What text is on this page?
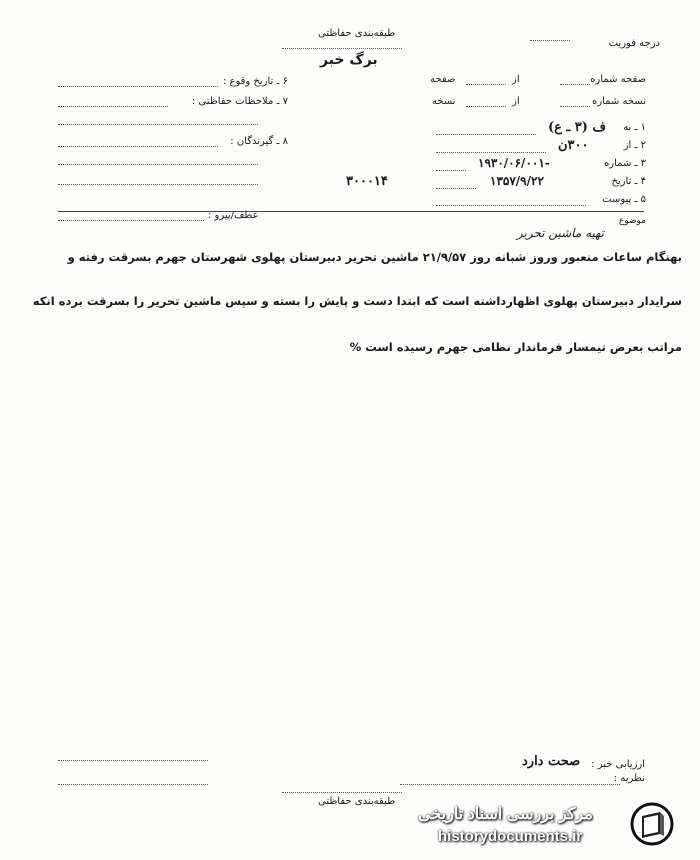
طبقه‌بندی حفاظتی
برگ خبر
درجه فوریت
۶ ـ تاریخ وقوع :
۷ ـ ملاحظات حفاظتی :
۸ ـ گیرندگان :
۳۰۰۰۱۴
صفحه شماره
از
صفحه
نسخه شماره
از
نسخه
۱ ـ به
ف (۳ ـ ع)
۲ ـ از
۳۰۰ن
۳ ـ شماره
۱۹۳۰/۰۶/۰۰۱-
۴ ـ تاریخ
۱۳۵۷/۹/۲۲
۵ ـ پیوست
عطف/پیرو :	موضوع
تهیه ماشین تحریر
بهنگام ساعات منعبور وروز شبانه روز ۲۱/۹/۵۷ ماشین تحریر دبیرستان پهلوی شهرستان جهرم بسرقت رفته و
سرایدار دبیرستان پهلوی اظهارداشته است که ابتدا دست و پایش را بسته و سپس ماشین تحریر را بسرقت برده انکه
مراتب بعرض تیمسار فرماندار نظامی جهرم رسیده است %
ارزیابی خبر :
صحت دارد
نظریه :
طبقه‌بندی حفاظتی
مرکز بررسی اسناد تاریخی
historydocuments.ir
